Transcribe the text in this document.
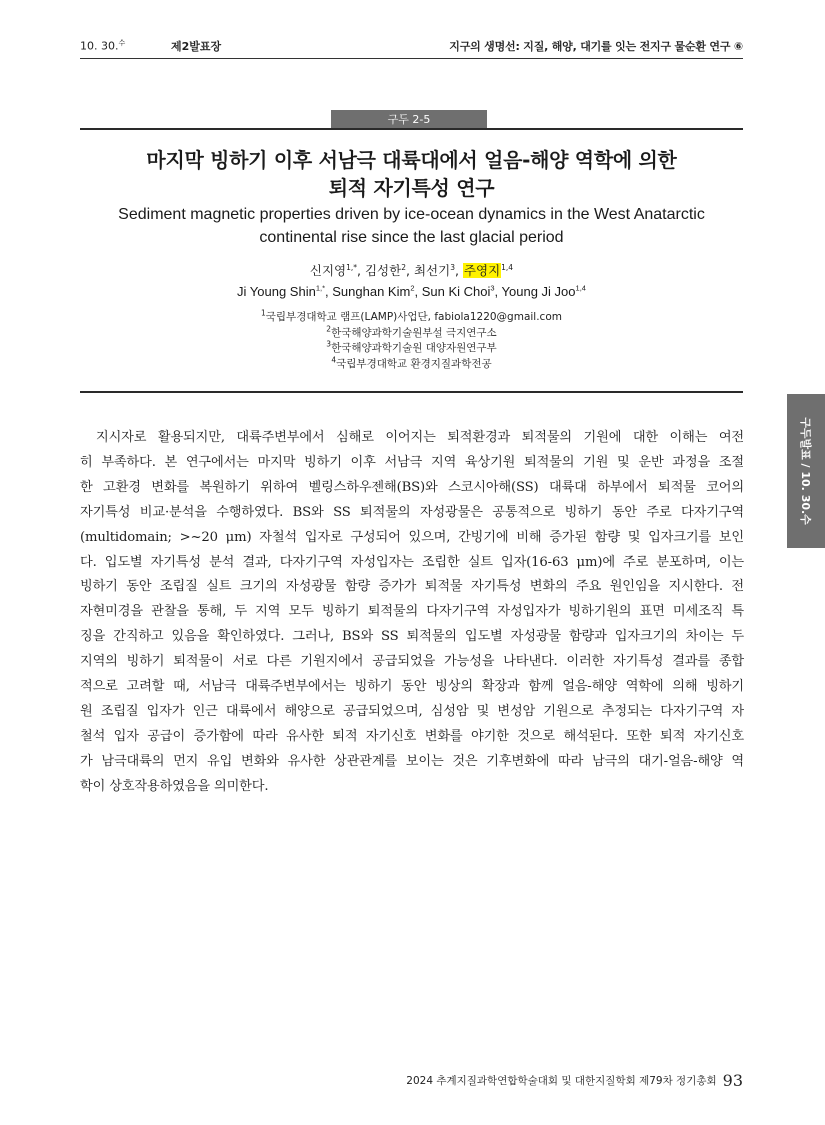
10. 30.$^수$	제2발표장	지구의 생명선: 지질, 해양, 대기를 잇는 전지구 물순환 연구 ⑥
구두 2-5
마지막 빙하기 이후 서남극 대륙대에서 얼음-해양 역학에 의한
퇴적 자기특성 연구
Sediment magnetic properties driven by ice-ocean dynamics in the West Anatarctic
continental rise since the last glacial period
신지영$^{1,*}$, 김성한$^2$, 최선기$^3$, 주영지$^{1,4}$
Ji Young Shin$^{1,*}$, Sunghan Kim$^2$, Sun Ki Choi$^3$, Young Ji Joo$^{1,4}$
$^1$국립부경대학교 램프(LAMP)사업단, fabiola1220@gmail.com
$^2$한국해양과학기술원부설 극지연구소
$^3$한국해양과학기술원 대양자원연구부
$^4$국립부경대학교 환경지질과학전공
지시자로 활용되지만, 대륙주변부에서 심해로 이어지는 퇴적환경과 퇴적물의 기원에 대한 이해는 여전
히 부족하다. 본 연구에서는 마지막 빙하기 이후 서남극 지역 육상기원 퇴적물의 기원 및 운반 과정을 조절
한 고환경 변화를 복원하기 위하여 벨링스하우젠해(BS)와 스코시아해(SS) 대륙대 하부에서 퇴적물 코어의
자기특성 비교·분석을 수행하였다. BS와 SS 퇴적물의 자성광물은 공통적으로 빙하기 동안 주로 다자기구역
(multidomain; >~20 μm) 자철석 입자로 구성되어 있으며, 간빙기에 비해 증가된 함량 및 입자크기를 보인
다. 입도별 자기특성 분석 결과, 다자기구역 자성입자는 조립한 실트 입자(16-63 μm)에 주로 분포하며, 이는
빙하기 동안 조립질 실트 크기의 자성광물 함량 증가가 퇴적물 자기특성 변화의 주요 원인임을 지시한다. 전
자현미경을 관찰을 통해, 두 지역 모두 빙하기 퇴적물의 다자기구역 자성입자가 빙하기원의 표면 미세조직 특
징을 간직하고 있음을 확인하였다. 그러나, BS와 SS 퇴적물의 입도별 자성광물 함량과 입자크기의 차이는 두
지역의 빙하기 퇴적물이 서로 다른 기원지에서 공급되었을 가능성을 나타낸다. 이러한 자기특성 결과를 종합
적으로 고려할 때, 서남극 대륙주변부에서는 빙하기 동안 빙상의 확장과 함께 얼음-해양 역학에 의해 빙하기
원 조립질 입자가 인근 대륙에서 해양으로 공급되었으며, 심성암 및 변성암 기원으로 추정되는 다자기구역 자
철석 입자 공급이 증가함에 따라 유사한 퇴적 자기신호 변화를 야기한 것으로 해석된다. 또한 퇴적 자기신호
가 남극대륙의 먼지 유입 변화와 유사한 상관관계를 보이는 것은 기후변화에 따라 남극의 대기-얼음-해양 역
학이 상호작용하였음을 의미한다.
구두발표 / 10. 30.수
2024 추계지질과학연합학술대회 및 대한지질학회 제79차 정기총회 93
